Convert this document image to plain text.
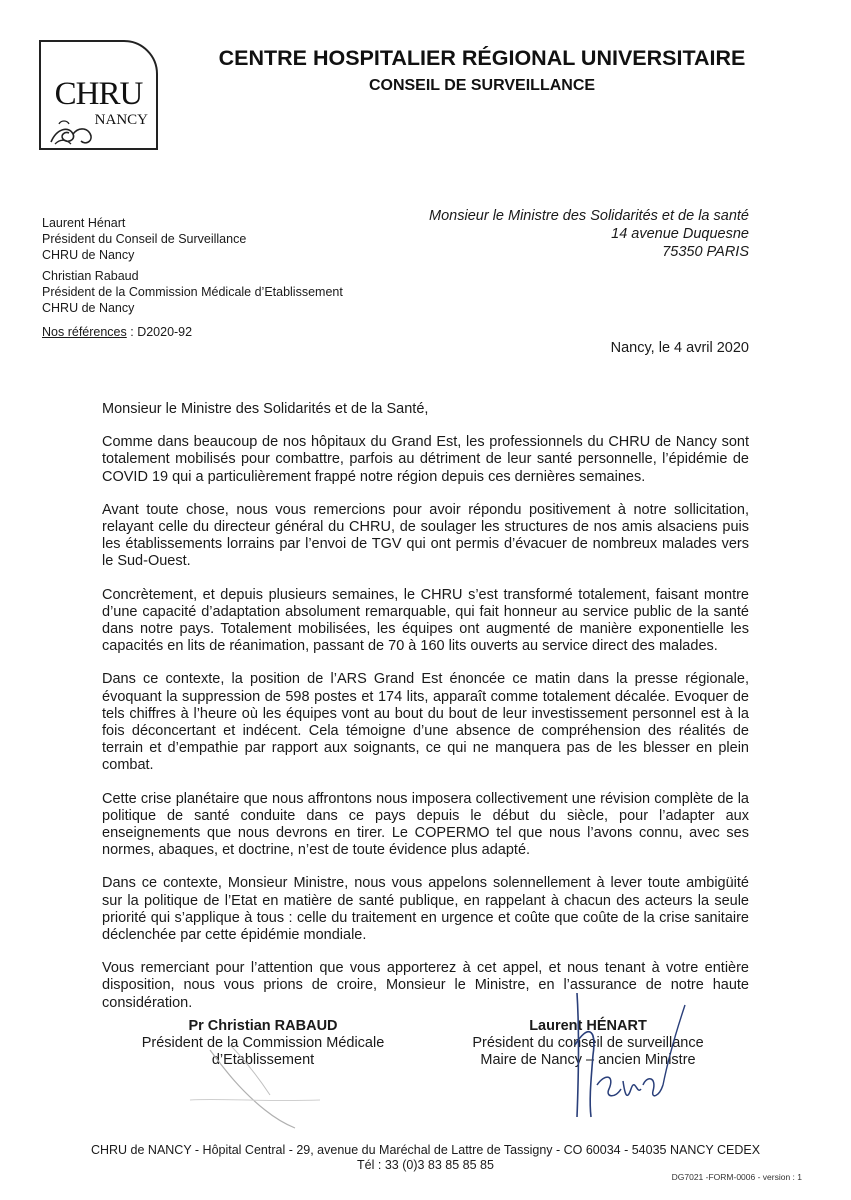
CHRU
NANCY
CENTRE HOSPITALIER RÉGIONAL UNIVERSITAIRE
CONSEIL DE SURVEILLANCE
Laurent Hénart
Président du Conseil de Surveillance
CHRU de Nancy
Christian Rabaud
Président de la Commission Médicale d’Etablissement
CHRU de Nancy
Nos références : D2020-92
Monsieur le Ministre des Solidarités et de la santé
14 avenue Duquesne
75350 PARIS
Nancy, le 4 avril 2020

Monsieur le Ministre des Solidarités et de la Santé,

Comme dans beaucoup de nos hôpitaux du Grand Est, les professionnels du CHRU de Nancy sont totalement mobilisés pour combattre, parfois au détriment de leur santé personnelle, l’épidémie de COVID 19 qui a particulièrement frappé notre région depuis ces dernières semaines.

Avant toute chose, nous vous remercions pour avoir répondu positivement à notre sollicitation, relayant celle du directeur général du CHRU, de soulager les structures de nos amis alsaciens puis les établissements lorrains par l’envoi de TGV qui ont permis d’évacuer de nombreux malades vers le Sud-Ouest.

Concrètement, et depuis plusieurs semaines, le CHRU s’est transformé totalement, faisant montre d’une capacité d’adaptation absolument remarquable, qui fait honneur au service public de la santé dans notre pays. Totalement mobilisées, les équipes ont augmenté de manière exponentielle les capacités en lits de réanimation, passant de 70 à 160 lits ouverts au service direct des malades.

Dans ce contexte, la position de l’ARS Grand Est énoncée ce matin dans la presse régionale, évoquant la suppression de 598 postes et 174 lits, apparaît comme totalement décalée. Evoquer de tels chiffres à l’heure où les équipes vont au bout du bout de leur investissement personnel est à la fois déconcertant et indécent. Cela témoigne d’une absence de compréhension des réalités de terrain et d’empathie par rapport aux soignants, ce qui ne manquera pas de les blesser en plein combat.

Cette crise planétaire que nous affrontons nous imposera collectivement une révision complète de la politique de santé conduite dans ce pays depuis le début du siècle, pour l’adapter aux enseignements que nous devrons en tirer. Le COPERMO tel que nous l’avons connu, avec ses normes, abaques, et doctrine, n’est de toute évidence plus adapté.

Dans ce contexte, Monsieur Ministre, nous vous appelons solennellement à lever toute ambigüité sur la politique de l’Etat en matière de santé publique, en rappelant à chacun des acteurs la seule priorité qui s’applique à tous : celle du traitement en urgence et coûte que coûte de la crise sanitaire déclenchée par cette épidémie mondiale.

Vous remerciant pour l’attention que vous apporterez à cet appel, et nous tenant à votre entière disposition, nous vous prions de croire, Monsieur le Ministre, en l’assurance de notre haute considération.

Pr Christian RABAUD
Président de la Commission Médicale
d’Etablissement
Laurent HÉNART
Président du conseil de surveillance
Maire de Nancy – ancien Ministre
CHRU de NANCY - Hôpital Central - 29, avenue du Maréchal de Lattre de Tassigny - CO 60034 - 54035 NANCY CEDEX
Tél : 33 (0)3 83 85 85 85
DG7021 -FORM-0006 - version : 1
